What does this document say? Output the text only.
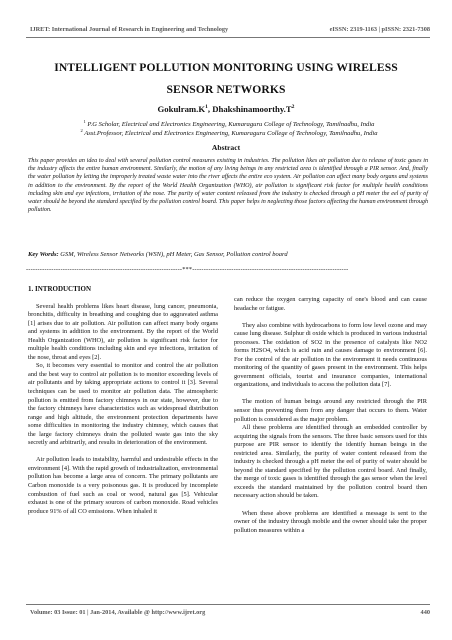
IJRET: International Journal of Research in Engineering and Technology	eISSN: 2319-1163 | pISSN: 2321-7308
INTELLIGENT POLLUTION MONITORING USING WIRELESS SENSOR NETWORKS
$Gokulram.K^1$, $Dhakshinamoorthy.T^2$
$^1$ P.G Scholar, Electrical and Electronics Engineering, Kumaraguru College of Technology, Tamilnadhu, India
$^2$ Asst.Professor, Electrical and Electronics Engineering, Kumaraguru College of Technology, Tamilnadhu, India
Abstract
This paper provides an idea to deal with several pollution control measures existing in industries. The pollution likes air pollution due to release of toxic gases in the industry affects the entire human environment. Similarly, the motion of any living beings in any restricted area is identified through a PIR sensor. And, finally the water pollution by letting the improperly treated waste water into the river affects the entire eco system. Air pollution can affect many body organs and systems in addition to the environment. By the report of the World Health Organization (WHO), air pollution is significant risk factor for multiple health conditions including skin and eye infections, irritation of the nose. The purity of water content released from the industry is checked through a pH meter the eel of purity of water should be beyond the standard specified by the pollution control board. This paper helps in neglecting those factors affecting the human environment through pollution.
Key Words: GSM, Wireless Sensor Networks (WSN), pH Meter, Gas Sensor, Pollution control board
--------------------------------------------------------------------***--------------------------------------------------------------------
1. INTRODUCTION

Several health problems likes heart disease, lung cancer, pneumonia, bronchitis, difficulty in breathing and coughing due to aggravated asthma [1] arises due to air pollution. Air pollution can affect many body organs and systems in addition to the environment. By the report of the World Health Organization (WHO), air pollution is significant risk factor for multiple health conditions including skin and eye infections, irritation of the nose, throat and eyes [2].

So, it becomes very essential to monitor and control the air pollution and the best way to control air pollution is to monitor exceeding levels of air pollutants and by taking appropriate actions to control it [3]. Several techniques can be used to monitor air pollution data. The atmospheric pollution is emitted from factory chimneys in our state, however, due to the factory chimneys have characteristics such as widespread distribution range and high altitude, the environment protection departments have some difficulties in monitoring the industry chimney, which causes that the large factory chimneys drain the polluted waste gas into the sky secretly and arbitrarily, and results in deterioration of the environment.

Air pollution leads to instability, harmful and undesirable effects in the environment [4]. With the rapid growth of industrialization, environmental pollution has become a large area of concern. The primary pollutants are Carbon monoxide is a very poisonous gas. It is produced by incomplete combustion of fuel such as coal or wood, natural gas [5]. Vehicular exhaust is one of the primary sources of carbon monoxide. Road vehicles produce 91% of all CO emissions. When inhaled it

can reduce the oxygen carrying capacity of one's blood and can cause headache or fatigue.

They also combine with hydrocarbons to form low level ozone and may cause lung disease. Sulphur di oxide which is produced in various industrial processes. The oxidation of SO2 in the presence of catalysts like NO2 forms H2SO4, which is acid rain and causes damage to environment [6]. For the control of the air pollution in the environment it needs continuous monitoring of the quantity of gases present in the environment. This helps government officials, tourist and insurance companies, international organizations, and individuals to access the pollution data [7].

The motion of human beings around any restricted through the PIR sensor thus preventing them from any danger that occurs to them. Water pollution is considered as the major problem.

All these problems are identified through an embedded controller by acquiring the signals from the sensors. The three basic sensors used for this purpose are PIR sensor to identify the identify human beings in the restricted area. Similarly, the purity of water content released from the industry is checked through a pH meter the eel of purity of water should be beyond the standard specified by the pollution control board. And finally, the merge of toxic gases is identified through the gas sensor when the level exceeds the standard maintained by the pollution control board then necessary action should be taken.

When these above problems are identified a message is sent to the owner of the industry through mobile and the owner should take the proper pollution measures within a

Volume: 03 Issue: 01 | Jan-2014, Available @ http://www.ijret.org	440
